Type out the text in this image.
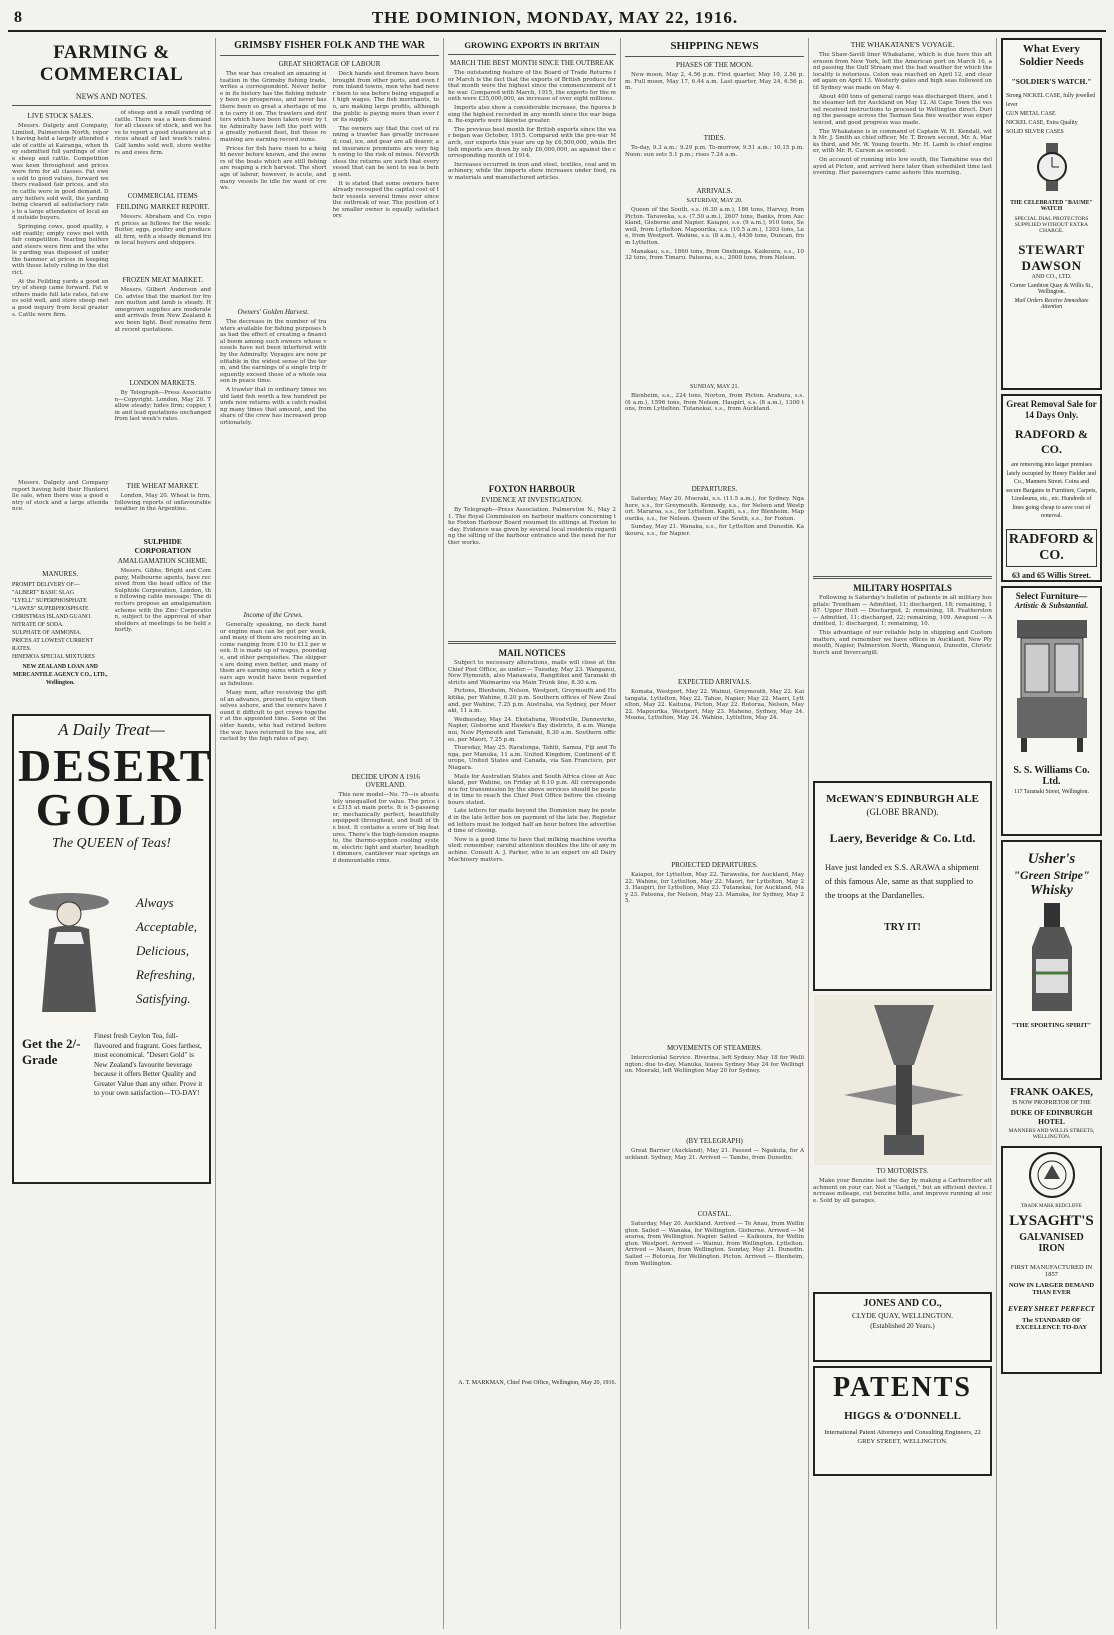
8	THE DOMINION, MONDAY, MAY 22, 1916.
FARMING & COMMERCIAL
NEWS AND NOTES.
LIVE STOCK SALES.

Messrs. Dalgety and Company, Limited, Palmerston North, report having held a largely attended sale of cattle at Kairanga, when they submitted full yardings of store sheep and cattle. Competition was keen throughout and prices were firm for all classes. Fat ewes sold to good values, forward wethers realised fair prices, and store cattle were in good demand. Dairy heifers sold well, the yarding being cleared at satisfactory rates to a large attendance of local and outside buyers.

Springing cows, good quality, sold readily; empty cows met with fair competition. Yearling heifers and steers were firm and the whole yarding was disposed of under the hammer at prices in keeping with those lately ruling in the district.

At the Feilding yards a good entry of sheep came forward. Fat wethers made full late rates, fat ewes sold well, and store sheep met a good inquiry from local graziers. Cattle were firm.

of sheep and a small yarding of cattle. There was a keen demand for all classes of stock, and we have to report a good clearance at prices ahead of last week's rates. Calf lambs sold well, store wethers and ewes firm.

COMMERCIAL ITEMS
FEILDING MARKET REPORT.

Messrs. Abraham and Co. report prices as follows for the week: Butter, eggs, poultry and produce all firm, with a steady demand from local buyers and shippers.

FROZEN MEAT MARKET.

Messrs. Gilbert Anderson and Co. advise that the market for frozen mutton and lamb is steady. Homegrown supplies are moderate and arrivals from New Zealand have been light. Beef remains firm at recent quotations.

LONDON MARKETS.

By Telegraph—Press Association—Copyright. London, May 20. Tallow steady; hides firm; copper, tin and lead quotations unchanged from last week's rates.

Messrs. Dalgety and Company report having held their Hunterville sale, when there was a good entry of stock and a large attendance.

THE WHEAT MARKET.

London, May 20. Wheat is firm, following reports of unfavourable weather in the Argentine.

SULPHIDE CORPORATION
AMALGAMATION SCHEME.
MANURES.
PROMPT DELIVERY OF—
"ALBERT" BASIC SLAG
"LYELL" SUPERPHOSPHATE
"LAWES" SUPERPHOSPHATE
CHRISTMAS ISLAND GUANO.
NITRATE OF SODA.
SULPHATE OF AMMONIA.
PRICES AT LOWEST CURRENT RATES.
HINEMOA SPECIAL MIXTURES
NEW ZEALAND LOAN AND MERCANTILE AGENCY CO., LTD., Wellington.

Messrs. Gibbs, Bright and Company, Melbourne agents, have received from the head office of the Sulphide Corporation, London, the following cable message: The directors propose an amalgamation scheme with the Zinc Corporation, subject to the approval of shareholders at meetings to be held shortly.

A Daily Treat—
DESERT
GOLD
The QUEEN of Teas!
Always
Acceptable,
Delicious,
Refreshing,
Satisfying.
Get the 2/- Grade
Finest fresh Ceylon Tea, full-flavoured and fragrant. Goes farthest, most economical. "Desert Gold" is New Zealand's favourite beverage because it offers Better Quality and Greater Value than any other. Prove it to your own satisfaction—TO-DAY!
GRIMSBY FISHER FOLK AND THE WAR
GREAT SHORTAGE OF LABOUR

The war has created an amazing situation in the Grimsby fishing trade, writes a correspondent. Never before in its history has the fishing industry been so prosperous, and never has there been so great a shortage of men to carry it on. The trawlers and drifters which have been taken over by the Admiralty have left the port with a greatly reduced fleet, but those remaining are earning record sums.

Prices for fish have risen to a height never before known, and the owners of the boats which are still fishing are reaping a rich harvest. The shortage of labour, however, is acute, and many vessels lie idle for want of crews.

Owners' Golden Harvest.

The decrease in the number of trawlers available for fishing purposes has had the effect of creating a financial boom among such owners whose vessels have not been interfered with by the Admiralty. Voyages are now profitable in the widest sense of the term, and the earnings of a single trip frequently exceed those of a whole season in peace time.

A trawler that in ordinary times would land fish worth a few hundred pounds now returns with a catch realising many times that amount, and the share of the crew has increased proportionately.

Income of the Crews.

Generally speaking, no deck hand or engine man can be got per week, and many of them are receiving an income ranging from £10 to £12 per week. It is made up of wages, poundage, and other perquisites. The skippers are doing even better, and many of them are earning sums which a few years ago would have been regarded as fabulous.

Many men, after receiving the gift of an advance, proceed to enjoy themselves ashore, and the owners have found it difficult to get crews together at the appointed time. Some of the older hands, who had retired before the war, have returned to the sea, attracted by the high rates of pay.

Deck hands and firemen have been brought from other ports, and even from inland towns, men who had never been to sea before being engaged at high wages. The fish merchants, too, are making large profits, although the public is paying more than ever for its supply.

The owners say that the cost of running a trawler has greatly increased; coal, ice, and gear are all dearer, and insurance premiums are very high owing to the risk of mines. Nevertheless the returns are such that every vessel that can be sent to sea is being sent.

It is stated that some owners have already recouped the capital cost of their vessels several times over since the outbreak of war. The position of the smaller owner is equally satisfactory.

DECIDE UPON A 1916 OVERLAND.

This new model—No. 75—is absolutely unequalled for value. The price is £315 at main ports. It is 5-passenger, mechanically perfect, beautifully equipped throughout, and built of the best. It contains a score of big features. There's the high-tension magneto, the thermo-syphon cooling system, electric light and starter, headlight dimmers, cantilever rear springs and demountable rims.

GROWING EXPORTS IN BRITAIN
MARCH THE BEST MONTH SINCE THE OUTBREAK

The outstanding feature of the Board of Trade Returns for March is the fact that the exports of British produce for that month were the highest since the commencement of the war. Compared with March, 1915, the exports for the month were £35,000,000, an increase of over eight millions.

Imports also show a considerable increase, the figures being the highest recorded in any month since the war began. Re-exports were likewise greater.

The previous best month for British exports since the war began was October, 1915. Compared with the pre-war March, our exports this year are up by £6,500,000, while British imports are down by only £6,000,000, as against the corresponding month of 1914.

Increases occurred in iron and steel, textiles, coal and machinery, while the imports show increases under food, raw materials and manufactured articles.

FOXTON HARBOUR
EVIDENCE AT INVESTIGATION.

By Telegraph—Press Association. Palmerston N., May 21. The Royal Commission on harbour matters concerning the Foxton Harbour Board resumed its sittings at Foxton to-day. Evidence was given by several local residents regarding the silting of the harbour entrance and the need for further works.

MAIL NOTICES

Subject to necessary alterations, mails will close at the Chief Post Office, as under:— Tuesday, May 23. Wanganui, New Plymouth, also Manawatu, Rangitikei and Taranaki districts and Waimarino via Main Trunk line, 8.30 a.m.

Pictons, Blenheim, Nelson, Westport, Greymouth and Hokitika, per Wahine, 6.20 p.m. Southern offices of New Zealand, per Wahine, 7.25 p.m. Australia, via Sydney, per Moeraki, 11 a.m.

Wednesday, May 24. Eketahuna, Woodville, Dannevirke, Napier, Gisborne and Hawke's Bay districts, 8 a.m. Wanganui, New Plymouth and Taranaki, 8.30 a.m. Southern offices, per Maori, 7.25 p.m.

Thursday, May 25. Raratonga, Tahiti, Samoa, Fiji and Tonga, per Manuka, 11 a.m. United Kingdom, Continent of Europe, United States and Canada, via San Francisco, per Niagara.

Mails for Australian States and South Africa close at Auckland, per Wahine, on Friday at 6.10 p.m. All correspondence for transmission by the above services should be posted in time to reach the Chief Post Office before the closing hours stated.

Late letters for mails beyond the Dominion may be posted in the late letter box on payment of the late fee. Registered letters must be lodged half an hour before the advertised time of closing.

Now is a good time to have that milking machine overhauled; remember, careful attention doubles the life of any machine. Consult A. J. Parker, who is an expert on all Dairy Machinery matters.

A. T. MARKMAN, Chief Post Office, Wellington, May 20, 1916.
SHIPPING NEWS
PHASES OF THE MOON.

New moon, May 2, 4.56 p.m. First quarter, May 10, 2.56 p.m. Full moon, May 17, 6.44 a.m. Last quarter, May 24, 6.56 p.m.

TIDES.

To-day, 9.3 a.m.; 9.29 p.m. To-morrow, 9.51 a.m.; 10.15 p.m. Noon: sun sets 5.1 p.m.; rises 7.24 a.m.

ARRIVALS.
SATURDAY, MAY 20.

Queen of the South, s.s. (6.30 a.m.), 186 tons, Harvey, from Picton. Taraweka, s.s. (7.50 a.m.), 2607 tons, Banks, from Auckland, Gisborne and Napier. Kaiapoi, s.s. (9 a.m.), 910 tons, Sewell, from Lyttelton. Mapourika, s.s. (10.5 a.m.), 1203 tons, Lee, from Westport. Wahine, s.s. (8 a.m.), 4436 tons, Duncan, from Lyttelton.

Manakau, s.s., 1860 tons, from Onehunga. Kaikoura, s.s., 1032 tons, from Timaru. Pateena, s.s., 2000 tons, from Nelson.

SUNDAY, MAY 21.

Blenheim, s.s., 224 tons, Norton, from Picton. Arahura, s.s. (6 a.m.), 1596 tons, from Nelson. Haupiri, s.s. (8 a.m.), 1300 tons, from Lyttelton. Tutanekai, s.s., from Auckland.

DEPARTURES.

Saturday, May 20. Moeraki, s.s. (11.5 a.m.), for Sydney. Ngahere, s.s., for Greymouth. Kennedy, s.s., for Nelson and Westport. Mararoa, s.s., for Lyttelton. Kapiti, s.s., for Blenheim. Mapourika, s.s., for Nelson. Queen of the South, s.s., for Foxton.

Sunday, May 21. Wanaka, s.s., for Lyttelton and Dunedin. Kaikoura, s.s., for Napier.

EXPECTED ARRIVALS.

Komata, Westport, May 22. Wainui, Greymouth, May 22. Kaitangata, Lyttelton, May 22. Tahoe, Napier, May 22. Maori, Lyttelton, May 22. Kaituna, Picton, May 22. Rotorua, Nelson, May 22. Mapourika, Westport, May 23. Maheno, Sydney, May 24. Moana, Lyttelton, May 24. Wahine, Lyttelton, May 24.

PROJECTED DEPARTURES.

Kaiapoi, for Lyttelton, May 22. Taraweka, for Auckland, May 22. Wahine, for Lyttelton, May 22. Maori, for Lyttelton, May 23. Haupiri, for Lyttelton, May 23. Tutanekai, for Auckland, May 23. Pateena, for Nelson, May 23. Manuka, for Sydney, May 25.

MOVEMENTS OF STEAMERS.

Intercolonial Service. Riverina, left Sydney May 18 for Wellington; due to-day. Manuka, leaves Sydney May 24 for Wellington. Moeraki, left Wellington May 20 for Sydney.

(BY TELEGRAPH)

Great Barrier (Auckland), May 21. Passed — Ngakuta, for Auckland. Sydney, May 21. Arrived — Tambo, from Dunedin.

COASTAL.

Saturday, May 20. Auckland. Arrived — Te Anau, from Wellington. Sailed — Wanaka, for Wellington. Gisborne. Arrived — Mararoa, from Wellington. Napier. Sailed — Kaikoura, for Wellington. Westport. Arrived — Wainui, from Wellington. Lyttelton. Arrived — Maori, from Wellington. Sunday, May 21. Dunedin. Sailed — Rotorua, for Wellington. Picton. Arrived — Blenheim, from Wellington.

THE WHAKATANE'S VOYAGE.

The Shaw-Savill liner Whakatane, which is due here this afternoon from New York, left the American port on March 16, and passing the Gulf Stream met the bad weather for which the locality is notorious. Colon was reached on April 12, and cleared again on April 13. Westerly gales and high seas followed until Sydney was made on May 4.

About 400 tons of general cargo was discharged there, and the steamer left for Auckland on May 12. At Cape Town the vessel received instructions to proceed to Wellington direct. During the passage across the Tasman Sea fine weather was experienced, and good progress was made.

The Whakatane is in command of Captain W. H. Kendall, with Mr. J. Smith as chief officer, Mr. T. Brown second, Mr. A. Marks third, and Mr. W. Young fourth. Mr. H. Lamb is chief engineer, with Mr. R. Carson as second.

On account of running into low south, the Tamahine was delayed at Picton, and arrived here later than scheduled time last evening. Her passengers came ashore this morning.

MILITARY HOSPITALS

Following is Saturday's bulletin of patients in all military hospitals: Trentham — Admitted, 11; discharged, 18; remaining, 167. Upper Hutt — Discharged, 2; remaining, 18. Featherston — Admitted, 11; discharged, 22; remaining, 109. Awapuni — Admitted, 1; discharged, 1; remaining, 10.

This advantage of our reliable help in shipping and Custom matters, and remember we have offices in Auckland, New Plymouth, Napier, Palmerston North, Wanganui, Dunedin, Christchurch and Invercargill.

McEWAN'S EDINBURGH ALE
(GLOBE BRAND).
Laery, Beveridge & Co. Ltd.
Have just landed ex S.S. ARAWA a shipment of this famous Ale, same as that supplied to the troops at the Dardanelles.
TRY IT!
TO MOTORISTS.

Make your Benzine last the day by making a Carburettor attachment on your car. Not a "Gadget," but an efficient device. Increase mileage, cut benzine bills, and improve running at once. Sold by all garages.

JONES AND CO.,
CLYDE QUAY, WELLINGTON.
(Established 20 Years.)
PATENTS
HIGGS & O'DONNELL
International Patent Attorneys and Consulting Engineers, 22 GREY STREET, WELLINGTON.
What Every Soldier Needs
"SOLDIER'S WATCH."
Strong NICKEL CASE, fully jewelled lever
GUN METAL CASE
NICKEL CASE, Extra Quality
SOLID SILVER CASES
THE CELEBRATED "BAUME" WATCH
SPECIAL DIAL PROTECTORS SUPPLIED WITHOUT EXTRA CHARGE.
STEWART DAWSON
AND CO., LTD.
Corner Lambton Quay & Willis St., Wellington.
Mail Orders Receive Immediate Attention
Great Removal Sale for 14 Days Only.
RADFORD & CO.
are removing into larger premises lately occupied by Henry Fielder and Co., Manners Street. Coins and secure Bargains in Furniture, Carpets, Linoleums, etc., etc. Hundreds of lines going cheap to save cost of removal.
RADFORD & CO.
63 and 65 Willis Street.
Select Furniture—
Artistic & Substantial.
S. S. Williams Co. Ltd.
117 Taranaki Street, Wellington.
Usher's
"Green Stripe"
Whisky
"THE SPORTING SPIRIT"
FRANK OAKES,
IS NOW PROPRIETOR OF THE
DUKE OF EDINBURGH HOTEL
MANNERS AND WILLIS STREETS, WELLINGTON.
TRADE MARK REDCLIFFE
LYSAGHT'S
GALVANISED
IRON
FIRST MANUFACTURED IN 1857
NOW IN LARGER DEMAND THAN EVER
EVERY SHEET PERFECT
The STANDARD OF EXCELLENCE TO-DAY
